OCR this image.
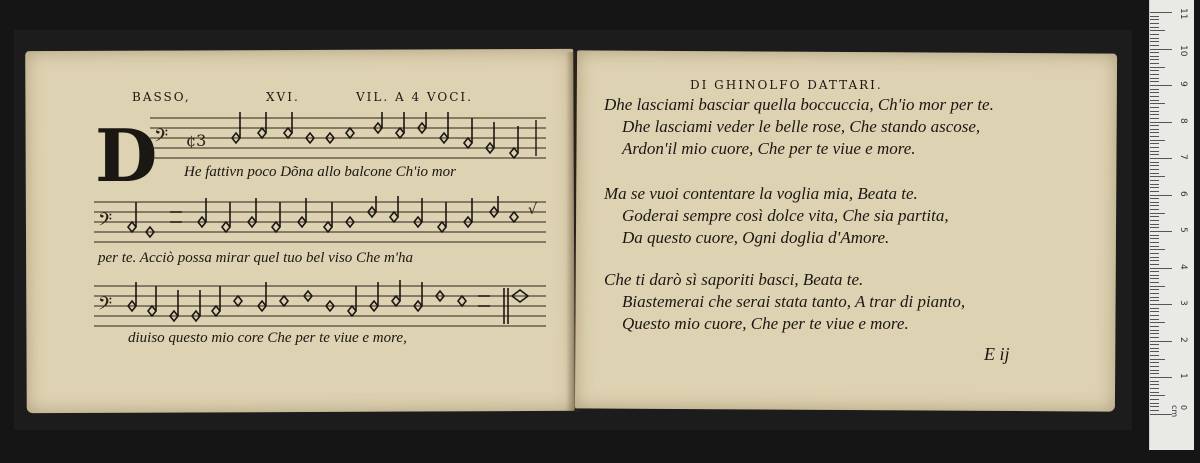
BASSO,	XVI.	VIL. A 4 VOCI.
D
𝄢 ¢3
He fattivn poco Dõna allo balcone Ch'io mor
𝄢	√
per te. Acciò possa mirar quel tuo bel viso Che m'ha
𝄢
diuiso questo mio core Che per te viue e more,
DI GHINOLFO DATTARI.
Dhe lasciami basciar quella boccuccia, Ch'io mor per te.
Dhe lasciami veder le belle rose, Che stando ascose,
Ardon'il mio cuore, Che per te viue e more.
Ma se vuoi contentare la voglia mia, Beata te.
Goderai sempre così dolce vita, Che sia partita,
Da questo cuore, Ogni doglia d'Amore.
Che ti darò sì saporiti basci, Beata te.
Biastemerai che serai stata tanto, A trar di pianto,
Questo mio cuore, Che per te viue e more.
E ij
11
10
9
8
7
6
5
4
3
2
1
0 cm
